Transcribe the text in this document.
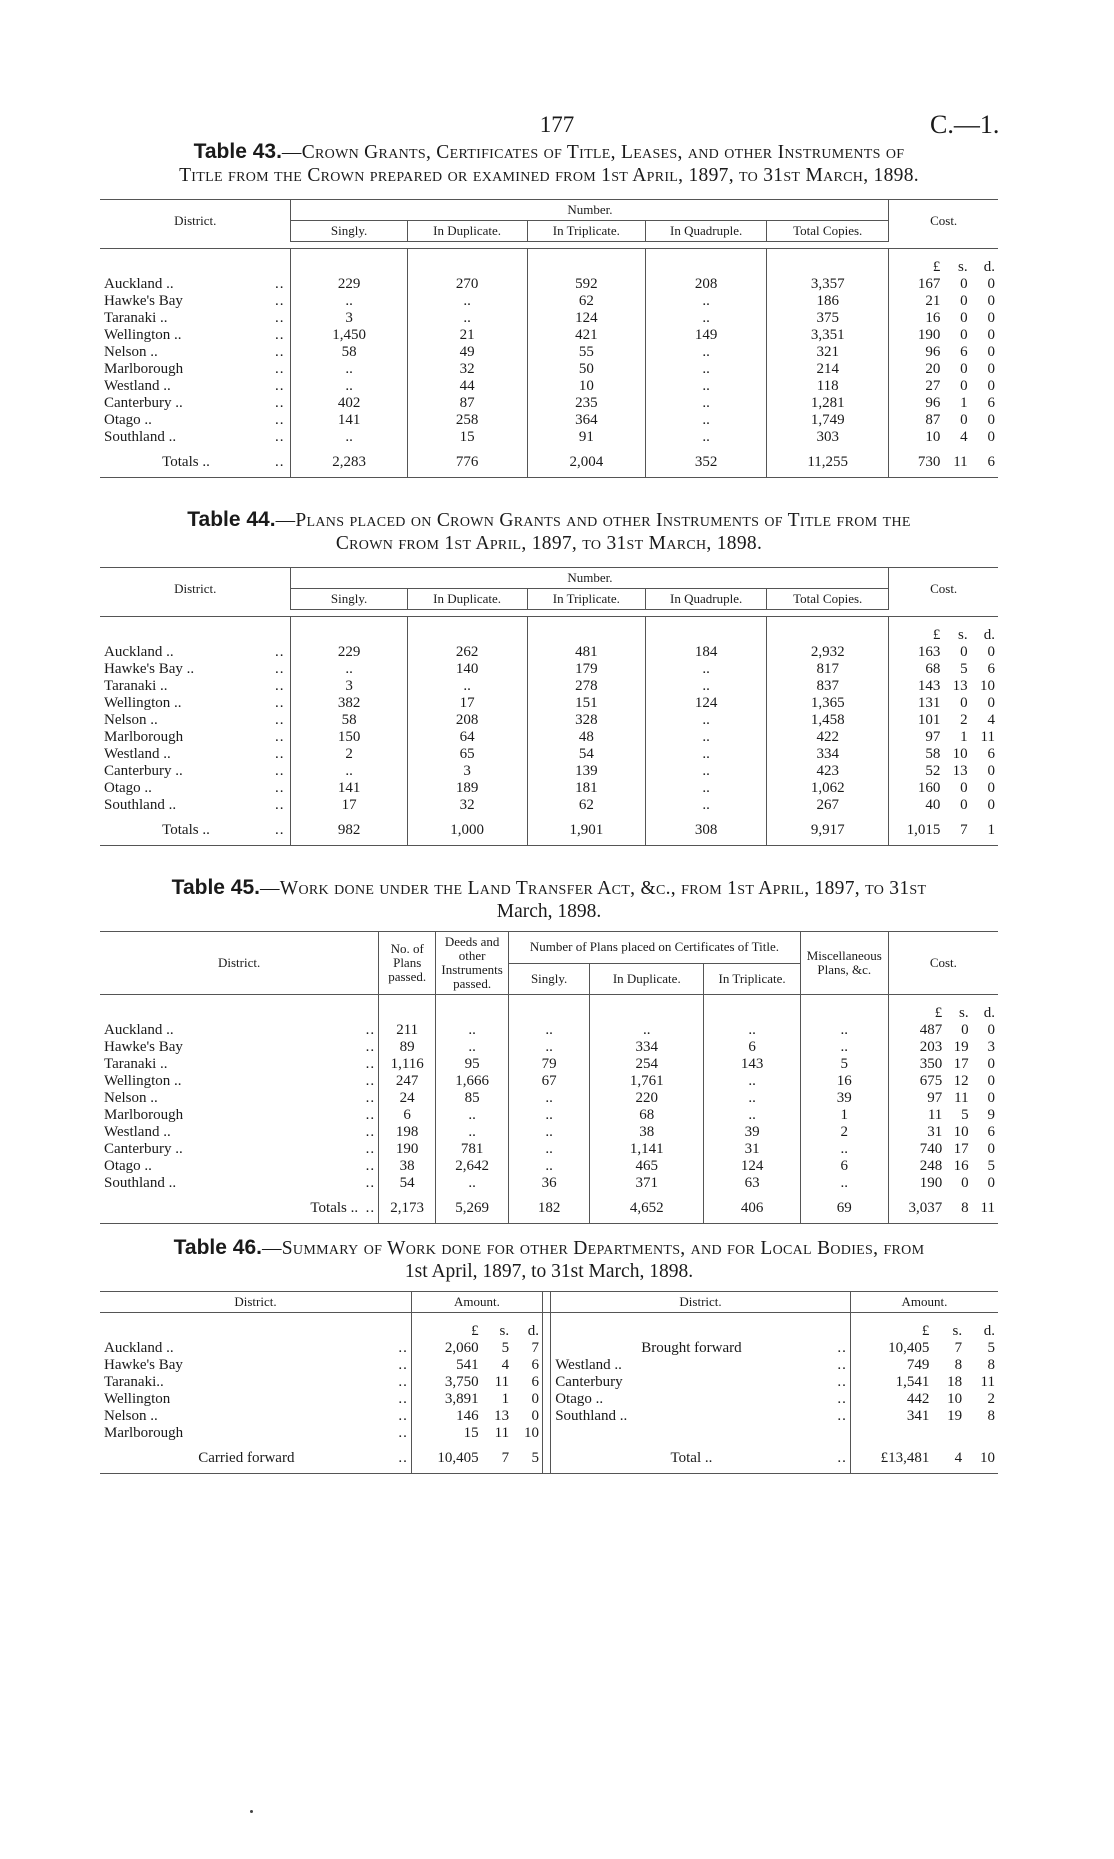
177	C.—1.
Table 43.—Crown Grants, Certificates of Title, Leases, and other Instruments of
Title from the Crown prepared or examined from 1st April, 1897, to 31st March, 1898.
District.		Number.					Cost.		
		Singly.	In Duplicate.	In Triplicate.	In Quadruple.	Total Copies.			

							£	s.	d.
Auckland ..	..	229	270	592	208	3,357	167	0	0
Hawke's Bay	..	..	..	62	..	186	21	0	0
Taranaki ..	..	3	..	124	..	375	16	0	0
Wellington ..	..	1,450	21	421	149	3,351	190	0	0
Nelson ..	..	58	49	55	..	321	96	6	0
Marlborough	..	..	32	50	..	214	20	0	0
Westland ..	..	..	44	10	..	118	27	0	0
Canterbury ..	..	402	87	235	..	1,281	96	1	6
Otago ..	..	141	258	364	..	1,749	87	0	0
Southland ..	..	..	15	91	..	303	10	4	0
Totals ..	..	2,283	776	2,004	352	11,255	730	11	6
Table 44.—Plans placed on Crown Grants and other Instruments of Title from the
Crown from 1st April, 1897, to 31st March, 1898.
District.		Number.					Cost.		
		Singly.	In Duplicate.	In Triplicate.	In Quadruple.	Total Copies.			

							£	s.	d.
Auckland ..	..	229	262	481	184	2,932	163	0	0
Hawke's Bay ..	..	..	140	179	..	817	68	5	6
Taranaki ..	..	3	..	278	..	837	143	13	10
Wellington ..	..	382	17	151	124	1,365	131	0	0
Nelson ..	..	58	208	328	..	1,458	101	2	4
Marlborough	..	150	64	48	..	422	97	1	11
Westland ..	..	2	65	54	..	334	58	10	6
Canterbury ..	..	..	3	139	..	423	52	13	0
Otago ..	..	141	189	181	..	1,062	160	0	0
Southland ..	..	17	32	62	..	267	40	0	0
Totals ..	..	982	1,000	1,901	308	9,917	1,015	7	1
Table 45.—Work done under the Land Transfer Act, &c., from 1st April, 1897, to 31st
March, 1898.
District.		No. of Plans passed.	Deeds and other Instruments passed.	Number of Plans placed on Certificates of Title.			Miscellaneous Plans, &c.	Cost.		
				Singly.	In Duplicate.	In Triplicate.				

								£	s.	d.
Auckland ..	..	211	..	..	..	..	..	487	0	0
Hawke's Bay	..	89	..	..	334	6	..	203	19	3
Taranaki ..	..	1,116	95	79	254	143	5	350	17	0
Wellington ..	..	247	1,666	67	1,761	..	16	675	12	0
Nelson ..	..	24	85	..	220	..	39	97	11	0
Marlborough	..	6	..	..	68	..	1	11	5	9
Westland ..	..	198	..	..	38	39	2	31	10	6
Canterbury ..	..	190	781	..	1,141	31	..	740	17	0
Otago ..	..	38	2,642	..	465	124	6	248	16	5
Southland ..	..	54	..	36	371	63	..	190	0	0
Totals ..	..	2,173	5,269	182	4,652	406	69	3,037	8	11
Table 46.—Summary of Work done for other Departments, and for Local Bodies, from
1st April, 1897, to 31st March, 1898.
District.		Amount.				District.		Amount.		
		£	s.	d.				£	s.	d.
Auckland ..	..	2,060	5	7		Brought forward	..	10,405	7	5
Hawke's Bay	..	541	4	6		Westland ..	..	749	8	8
Taranaki..	..	3,750	11	6		Canterbury	..	1,541	18	11
Wellington	..	3,891	1	0		Otago ..	..	442	10	2
Nelson ..	..	146	13	0		Southland ..	..	341	19	8
Marlborough	..	15	11	10						
Carried forward	..	10,405	7	5		Total ..	..	£13,481	4	10
